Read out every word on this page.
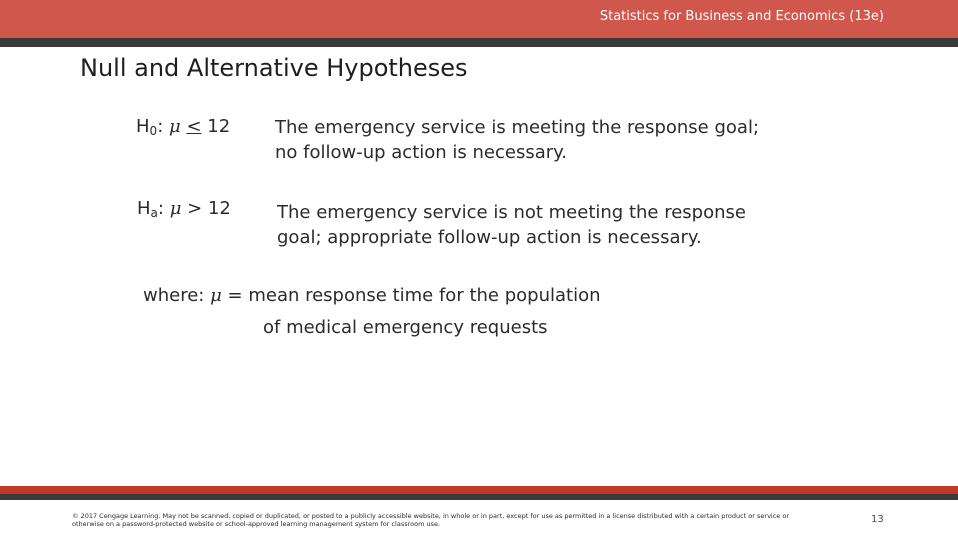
Statistics for Business and Economics (13e)
Null and Alternative Hypotheses
$H_0$: μ < 12 The emergency service is meeting the response goal;
no follow-up action is necessary.
$H_a$: μ > 12	The emergency service is not meeting the response
goal; appropriate follow-up action is necessary.
where: μ = mean response time for the population
of medical emergency requests
© 2017 Cengage Learning. May not be scanned, copied or duplicated, or posted to a publicly accessible website, in whole or in part, except for use as permitted in a license distributed with a certain product or service or otherwise on a password-protected website or school-approved learning management system for classroom use.	13
